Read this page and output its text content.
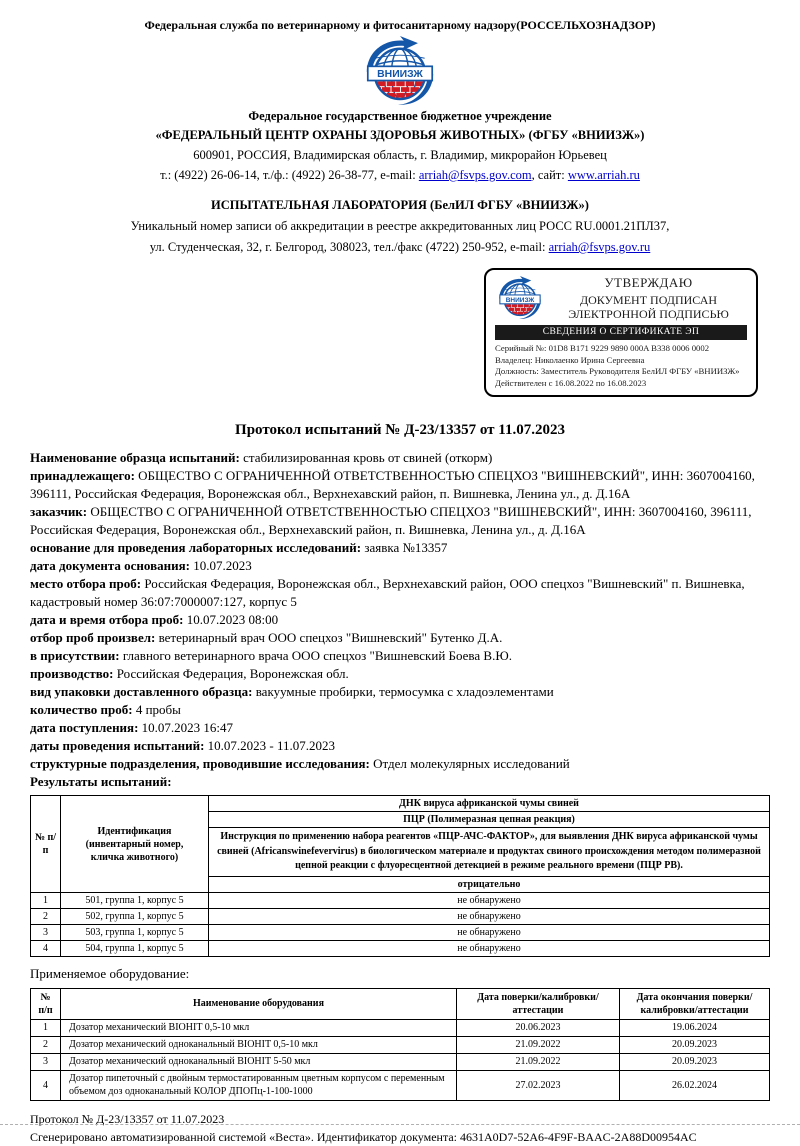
Федеральная служба по ветеринарному и фитосанитарному надзору(РОССЕЛЬХОЗНАДЗОР)
Федеральное государственное бюджетное учреждение
«ФЕДЕРАЛЬНЫЙ ЦЕНТР ОХРАНЫ ЗДОРОВЬЯ ЖИВОТНЫХ» (ФГБУ «ВНИИЗЖ»)
600901, РОССИЯ, Владимирская область, г. Владимир, микрорайон Юрьевец
т.: (4922) 26-06-14, т./ф.: (4922) 26-38-77, e-mail: arriah@fsvps.gov.com, сайт: www.arriah.ru
ИСПЫТАТЕЛЬНАЯ ЛАБОРАТОРИЯ (БелИЛ ФГБУ «ВНИИЗЖ»)
Уникальный номер записи об аккредитации в реестре аккредитованных лиц РОСС RU.0001.21ПЛ37,
ул. Студенческая, 32, г. Белгород, 308023, тел./факс (4722) 250-952, e-mail: arriah@fsvps.gov.ru
УТВЕРЖДАЮ
ДОКУМЕНТ ПОДПИСАН
ЭЛЕКТРОННОЙ ПОДПИСЬЮ
СВЕДЕНИЯ О СЕРТИФИКАТЕ ЭП
Серийный №: 01D8 B171 9229 9890 000A B338 0006 0002
Владелец: Николаенко Ирина Сергеевна
Должность: Заместитель Руководителя БелИЛ ФГБУ «ВНИИЗЖ»
Действителен с 16.08.2022 по 16.08.2023
Протокол испытаний № Д-23/13357 от 11.07.2023
Наименование образца испытаний: стабилизированная кровь от свиней (откорм)
принадлежащего: ОБЩЕСТВО С ОГРАНИЧЕННОЙ ОТВЕТСТВЕННОСТЬЮ СПЕЦХОЗ "ВИШНЕВСКИЙ", ИНН: 3607004160, 396111, Российская Федерация, Воронежская обл., Верхнехавский район, п. Вишневка, Ленина ул., д. Д.16А
заказчик: ОБЩЕСТВО С ОГРАНИЧЕННОЙ ОТВЕТСТВЕННОСТЬЮ СПЕЦХОЗ "ВИШНЕВСКИЙ", ИНН: 3607004160, 396111, Российская Федерация, Воронежская обл., Верхнехавский район, п. Вишневка, Ленина ул., д. Д.16А
основание для проведения лабораторных исследований: заявка №13357
дата документа основания: 10.07.2023
место отбора проб: Российская Федерация, Воронежская обл., Верхнехавский район, ООО спецхоз "Вишневский" п. Вишневка, кадастровый номер 36:07:7000007:127, корпус 5
дата и время отбора проб: 10.07.2023 08:00
отбор проб произвел: ветеринарный врач ООО спецхоз "Вишневский" Бутенко Д.А.
в присутствии: главного ветеринарного врача ООО спецхоз "Вишневский Боева В.Ю.
производство: Российская Федерация, Воронежская обл.
вид упаковки доставленного образца: вакуумные пробирки, термосумка с хладоэлементами
количество проб: 4 пробы
дата поступления: 10.07.2023 16:47
даты проведения испытаний: 10.07.2023 - 11.07.2023
структурные подразделения, проводившие исследования: Отдел молекулярных исследований
Результаты испытаний:
№ п/п	Идентификация (инвентарный номер, кличка животного)	ДНК вируса африканской чумы свиней
		ПЦР (Полимеразная цепная реакция)
		Инструкция по применению набора реагентов «ПЦР-АЧС-ФАКТОР», для выявления ДНК вируса африканской чумы свиней (Africanswinefevervirus) в биологическом материале и продуктах свиного происхождения методом полимеразной цепной реакции с флуоресцентной детекцией в режиме реального времени (ПЦР РВ).
		отрицательно
1	501, группа 1, корпус 5	не обнаружено
2	502, группа 1, корпус 5	не обнаружено
3	503, группа 1, корпус 5	не обнаружено
4	504, группа 1, корпус 5	не обнаружено
Применяемое оборудование:
№ п/п	Наименование оборудования	Дата поверки/калибровки/аттестации	Дата окончания поверки/калибровки/аттестации
1	Дозатор механический BIOHIT 0,5-10 мкл	20.06.2023	19.06.2024
2	Дозатор механический одноканальный BIOHIT 0,5-10 мкл	21.09.2022	20.09.2023
3	Дозатор механический одноканальный BIOHIT 5-50 мкл	21.09.2022	20.09.2023
4	Дозатор пипеточный с двойным термостатированным цветным корпусом с переменным объемом доз одноканальный КОЛОР ДПОПц-1-100-1000	27.02.2023	26.02.2024
Протокол № Д-23/13357 от 11.07.2023
Сгенерировано автоматизированной системой «Веста». Идентификатор документа: 4631A0D7-52A6-4F9F-BAAC-2A88D00954AC
